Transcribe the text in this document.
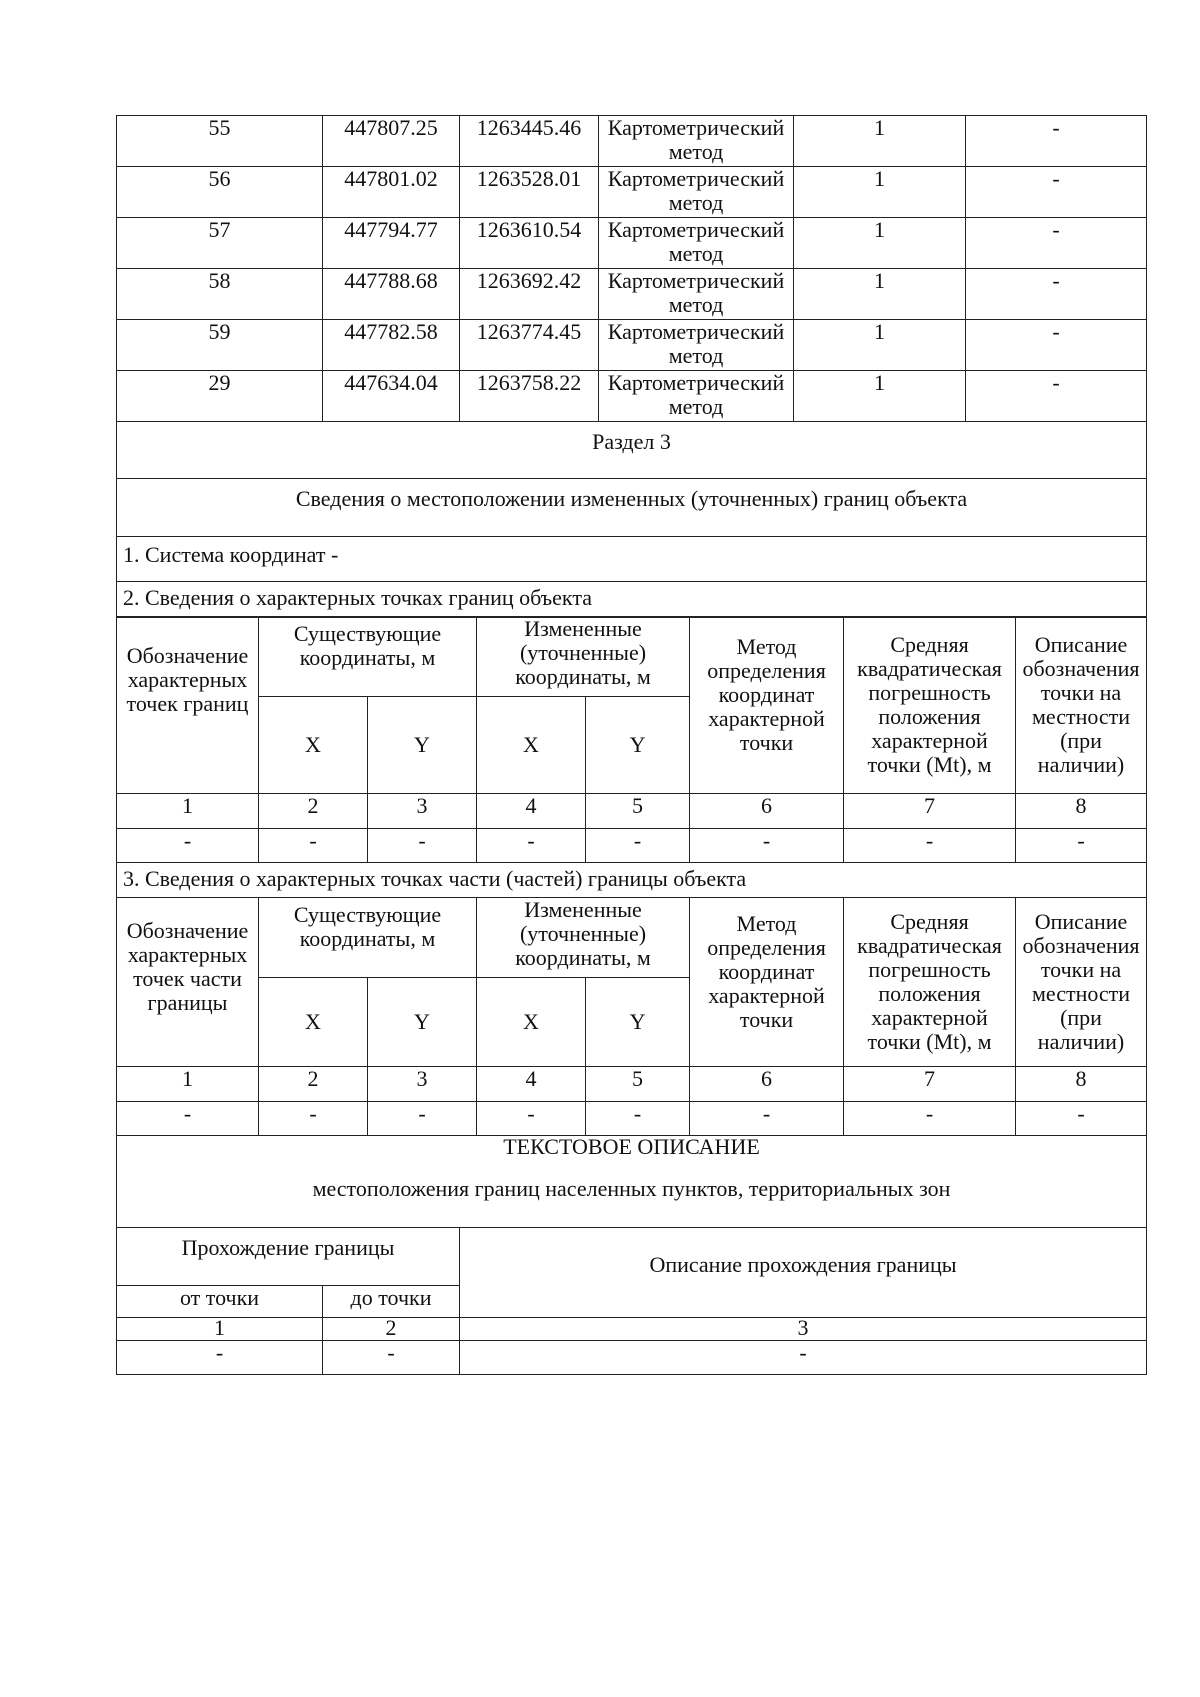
55	447807.25	1263445.46	Картометрический метод	1	-
56	447801.02	1263528.01	Картометрический метод	1	-
57	447794.77	1263610.54	Картометрический метод	1	-
58	447788.68	1263692.42	Картометрический метод	1	-
59	447782.58	1263774.45	Картометрический метод	1	-
29	447634.04	1263758.22	Картометрический метод	1	-
Раздел 3					
Сведения о местоположении измененных (уточненных) границ объекта					
1. Система координат -					
2. Сведения о характерных точках границ объекта					
Обозначение характерных точек границ	Существующие координаты, м		Измененные (уточненные) координаты, м		Метод определения координат характерной точки	Средняя квадратическая погрешность положения характерной точки (Mt), м	Описание обозначения точки на местности (при наличии)
	X	Y	X	Y			
1	2	3	4	5	6	7	8
-	-	-	-	-	-	-	-
3. Сведения о характерных точках части (частей) границы объекта							
Обозначение характерных точек части границы	Существующие координаты, м		Измененные (уточненные) координаты, м		Метод определения координат характерной точки	Средняя квадратическая погрешность положения характерной точки (Mt), м	Описание обозначения точки на местности (при наличии)
	X	Y	X	Y			
1	2	3	4	5	6	7	8
-	-	-	-	-	-	-	-
ТЕКСТОВОЕ ОПИСАНИЕ
местоположения границ населенных пунктов, территориальных зон		

Прохождение границы		Описание прохождения границы
от точки	до точки	
1	2	3
-	-	-
